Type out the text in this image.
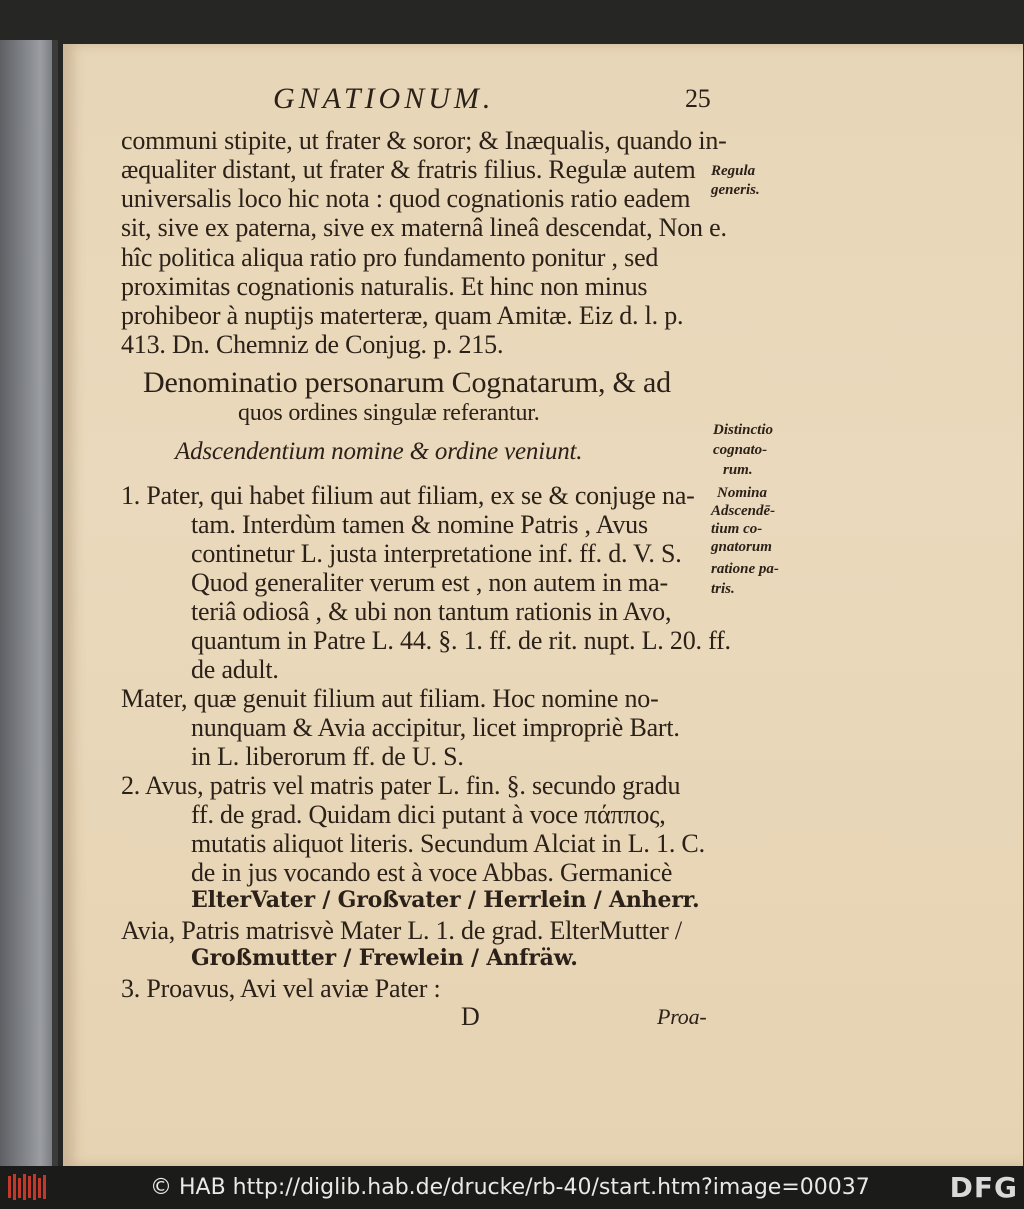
GNATIONUM.	25
communi stipite, ut frater & soror; & Inæqualis, quando in-
æqualiter distant, ut frater & fratris filius. Regulæ autem
universalis loco hic nota : quod cognationis ratio eadem
sit, sive ex paterna, sive ex maternâ lineâ descendat, Non e.
hîc politica aliqua ratio pro fundamento ponitur , sed
proximitas cognationis naturalis. Et hinc non minus
prohibeor à nuptijs materteræ, quam Amitæ. Eiz d. l. p.
413. Dn. Chemniz de Conjug. p. 215.
Denominatio personarum Cognatarum, & ad
quos ordines singulæ referantur.
Adscendentium nomine & ordine veniunt.
1. Pater, qui habet filium aut filiam, ex se & conjuge na-
tam. Interdùm tamen & nomine Patris , Avus
continetur L. justa interpretatione inf. ff. d. V. S.
Quod generaliter verum est , non autem in ma-
teriâ odiosâ , & ubi non tantum rationis in Avo,
quantum in Patre L. 44. §. 1. ff. de rit. nupt. L. 20. ff.
de adult.
Mater, quæ genuit filium aut filiam. Hoc nomine no-
nunquam & Avia accipitur, licet impropriè Bart.
in L. liberorum ff. de U. S.
2. Avus, patris vel matris pater L. fin. §. secundo gradu
ff. de grad. Quidam dici putant à voce πάππος,
mutatis aliquot literis. Secundum Alciat in L. 1. C.
de in jus vocando est à voce Abbas. Germanicè
ElterVater / Großvater / Herrlein / Anherr.
Avia, Patris matrisvè Mater L. 1. de grad. ElterMutter /
Großmutter / Frewlein / Anfräw.
3. Proavus, Avi vel aviæ Pater :
D	Proa-
Regula
generis.
Distinctio
cognato-
rum.
Nomina
Adscendē-
tium co-
gnatorum
ratione pa-
tris.
© HAB http://diglib.hab.de/drucke/rb-40/start.htm?image=00037	DFG
